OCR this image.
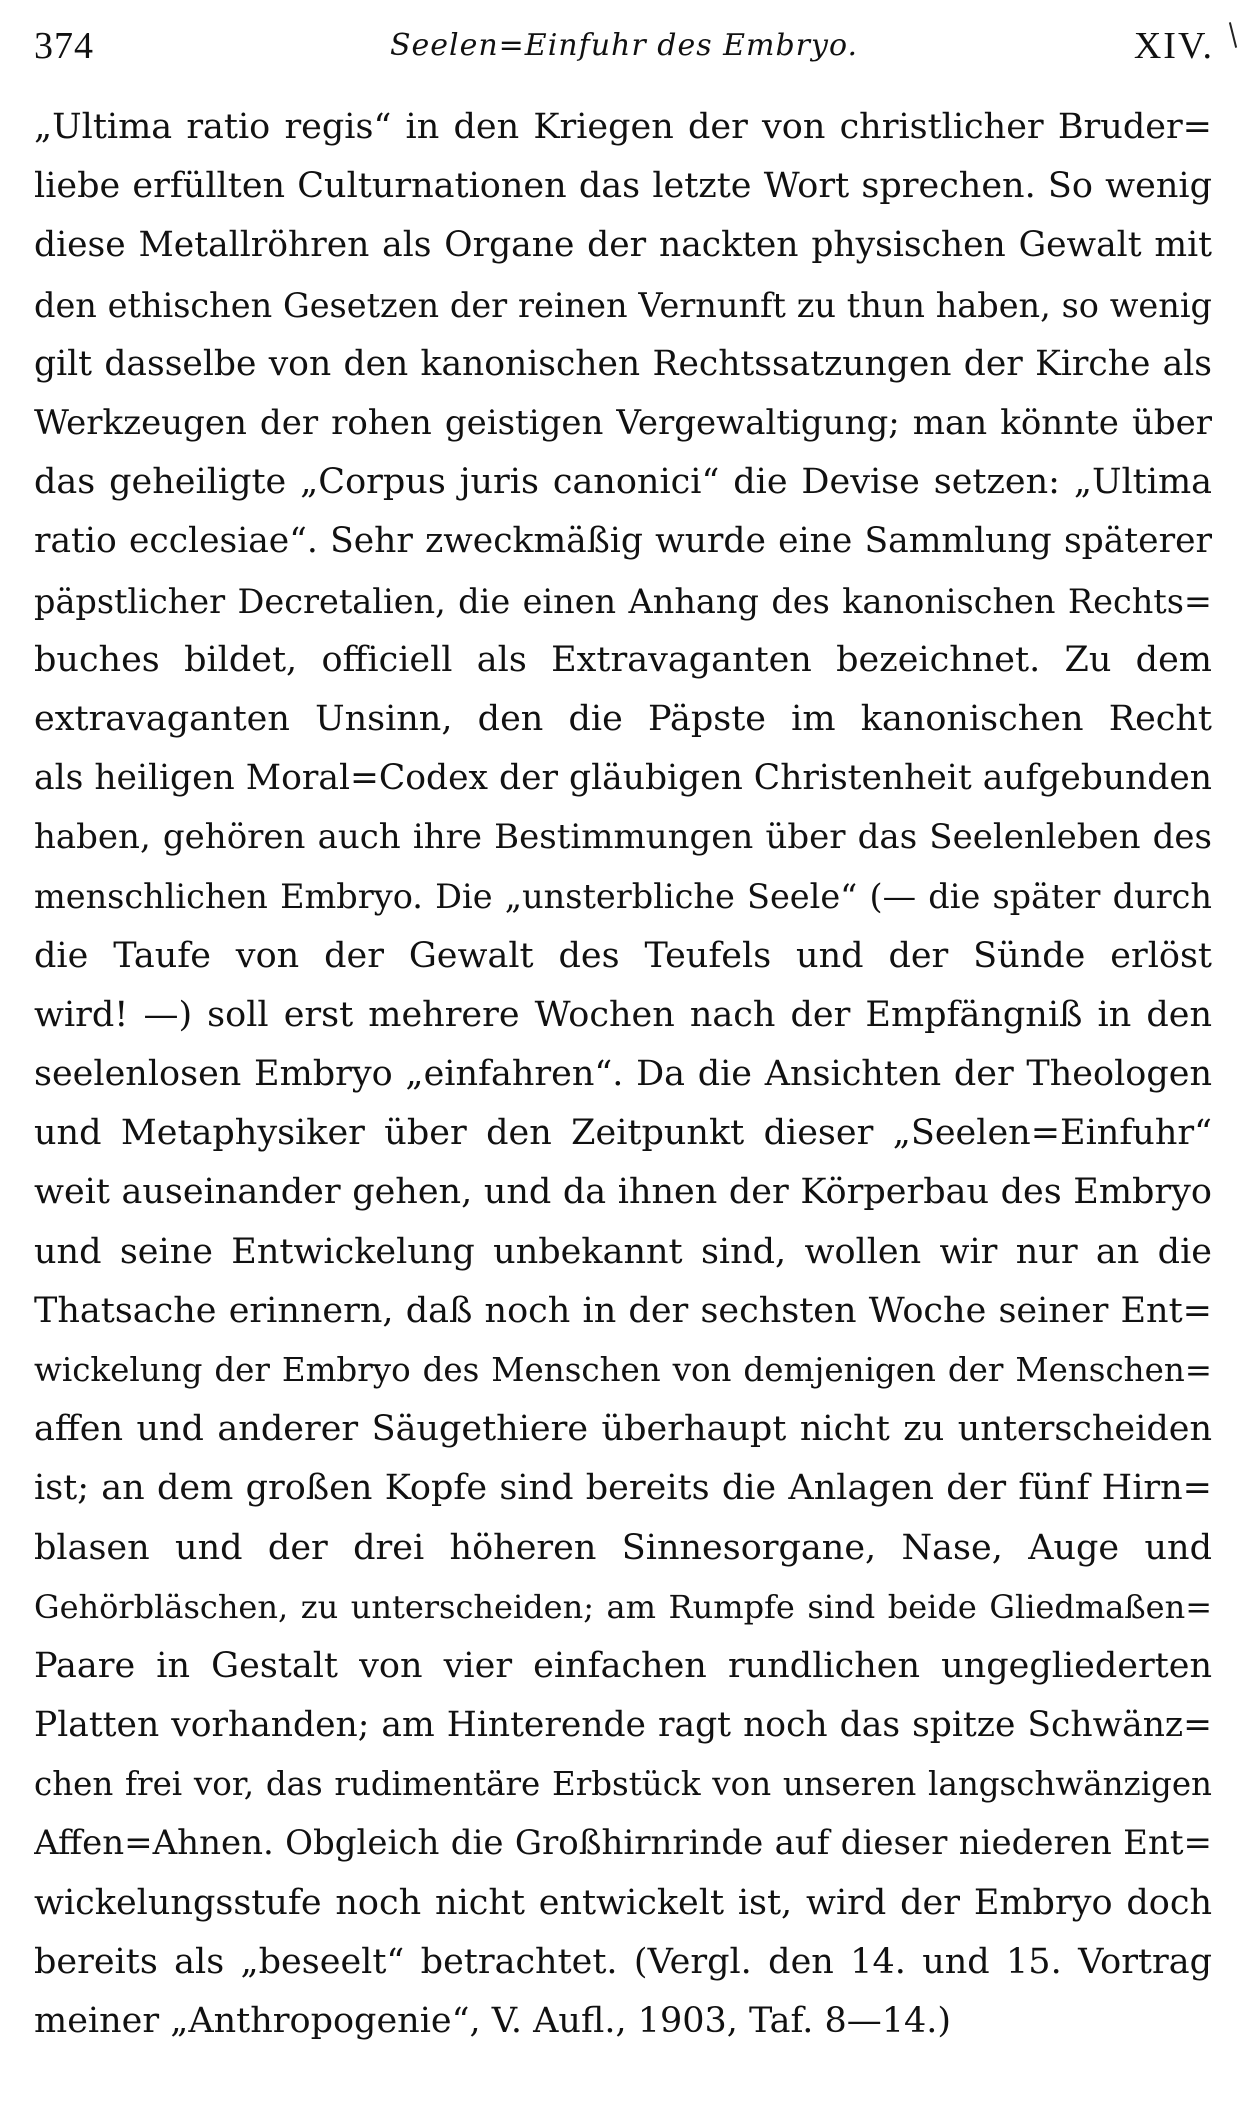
374	Seelen=Einfuhr des Embryo.	XIV.
„Ultima ratio regis“ in den Kriegen der von christlicher Bruder=
liebe erfüllten Culturnationen das letzte Wort sprechen. So wenig
diese Metallröhren als Organe der nackten physischen Gewalt mit
den ethischen Gesetzen der reinen Vernunft zu thun haben, so wenig
gilt dasselbe von den kanonischen Rechtssatzungen der Kirche als
Werkzeugen der rohen geistigen Vergewaltigung; man könnte über
das geheiligte „Corpus juris canonici“ die Devise setzen: „Ultima
ratio ecclesiae“. Sehr zweckmäßig wurde eine Sammlung späterer
päpstlicher Decretalien, die einen Anhang des kanonischen Rechts=
buches bildet, officiell als Extravaganten bezeichnet. Zu dem
extravaganten Unsinn, den die Päpste im kanonischen Recht
als heiligen Moral=Codex der gläubigen Christenheit aufgebunden
haben, gehören auch ihre Bestimmungen über das Seelenleben des
menschlichen Embryo. Die „unsterbliche Seele“ (— die später durch
die Taufe von der Gewalt des Teufels und der Sünde erlöst
wird! —) soll erst mehrere Wochen nach der Empfängniß in den
seelenlosen Embryo „einfahren“. Da die Ansichten der Theologen
und Metaphysiker über den Zeitpunkt dieser „Seelen=Einfuhr“
weit auseinander gehen, und da ihnen der Körperbau des Embryo
und seine Entwickelung unbekannt sind, wollen wir nur an die
Thatsache erinnern, daß noch in der sechsten Woche seiner Ent=
wickelung der Embryo des Menschen von demjenigen der Menschen=
affen und anderer Säugethiere überhaupt nicht zu unterscheiden
ist; an dem großen Kopfe sind bereits die Anlagen der fünf Hirn=
blasen und der drei höheren Sinnesorgane, Nase, Auge und
Gehörbläschen, zu unterscheiden; am Rumpfe sind beide Gliedmaßen=
Paare in Gestalt von vier einfachen rundlichen ungegliederten
Platten vorhanden; am Hinterende ragt noch das spitze Schwänz=
chen frei vor, das rudimentäre Erbstück von unseren langschwänzigen
Affen=Ahnen. Obgleich die Großhirnrinde auf dieser niederen Ent=
wickelungsstufe noch nicht entwickelt ist, wird der Embryo doch
bereits als „beseelt“ betrachtet. (Vergl. den 14. und 15. Vortrag
meiner „Anthropogenie“, V. Aufl., 1903, Taf. 8—14.)
